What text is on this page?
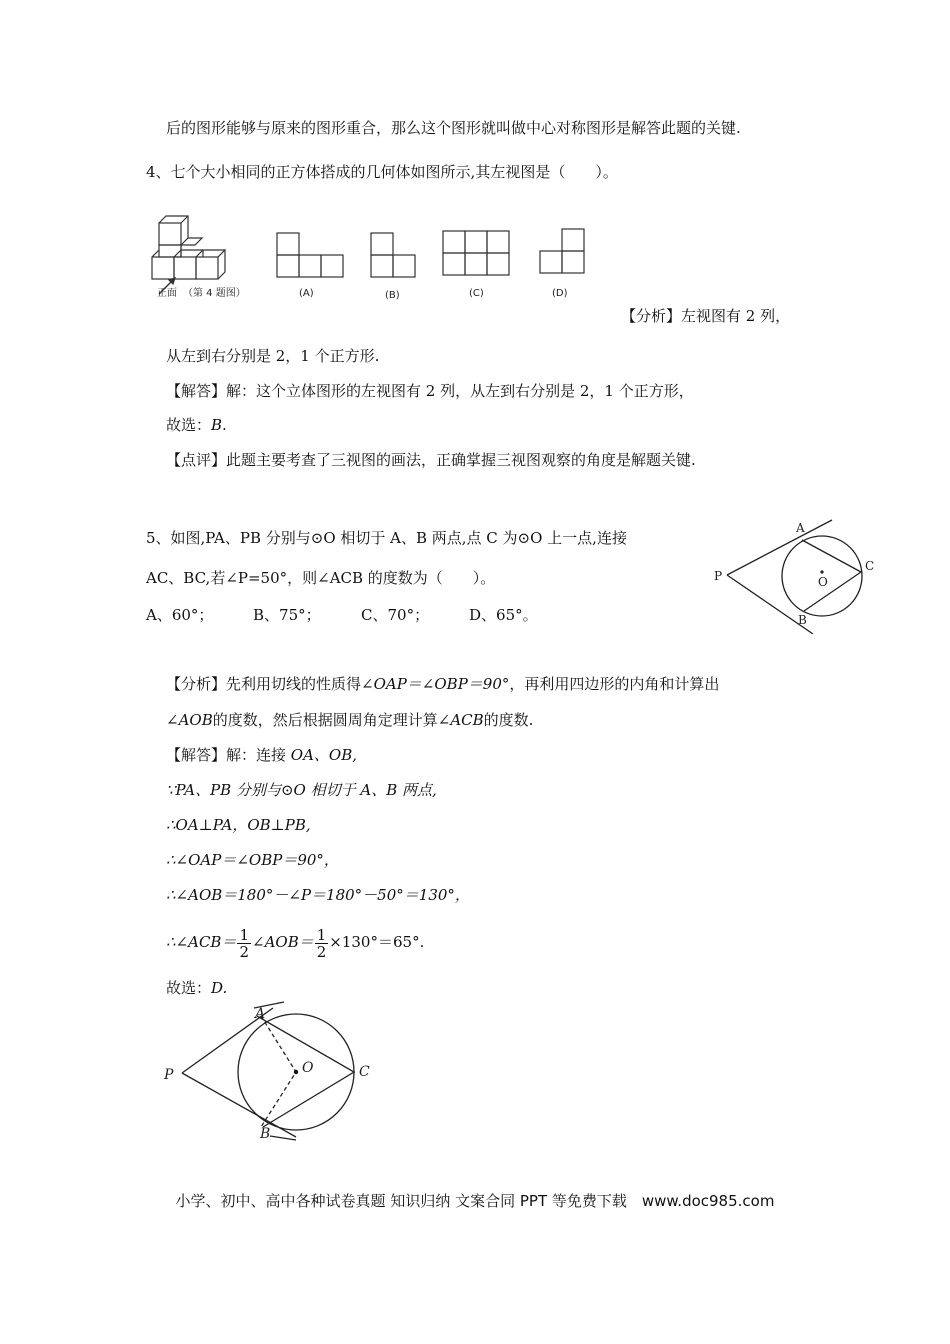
后的图形能够与原来的图形重合，那么这个图形就叫做中心对称图形是解答此题的关键.
4、七个大小相同的正方体搭成的几何体如图所示,其左视图是（　　）。
正面 （第 4 题图）	(A)	(B)	(C)	(D)
【分析】左视图有 2 列，
从左到右分别是 2，1 个正方形.
【解答】解：这个立体图形的左视图有 2 列，从左到右分别是 2，1 个正方形，
故选：B.
【点评】此题主要考查了三视图的画法，正确掌握三视图观察的角度是解题关键.
5、如图,PA、PB 分别与⊙O 相切于 A、B 两点,点 C 为⊙O 上一点,连接
AC、BC,若∠P=50°，则∠ACB 的度数为（　　）。
A、60°；	B、75°；	C、70°；	D、65°。
P
A
B
C
O
【分析】先利用切线的性质得∠OAP＝∠OBP＝90°，再利用四边形的内角和计算出
∠AOB的度数，然后根据圆周角定理计算∠ACB的度数.
【解答】解：连接 OA、OB,
∵PA、PB 分别与⊙O 相切于 A、B 两点,
∴OA⊥PA，OB⊥PB,
∴∠OAP＝∠OBP＝90°，
∴∠AOB＝180°－∠P＝180°－50°＝130°，
∴∠ACB＝ $\frac{1}{2}$ ∠AOB＝ $\frac{1}{2} \times 130^\circ=65^\circ$.
故选：D.
P
A
B
C
O
小学、初中、高中各种试卷真题 知识归纳 文案合同 PPT 等免费下载　www.doc985.com
